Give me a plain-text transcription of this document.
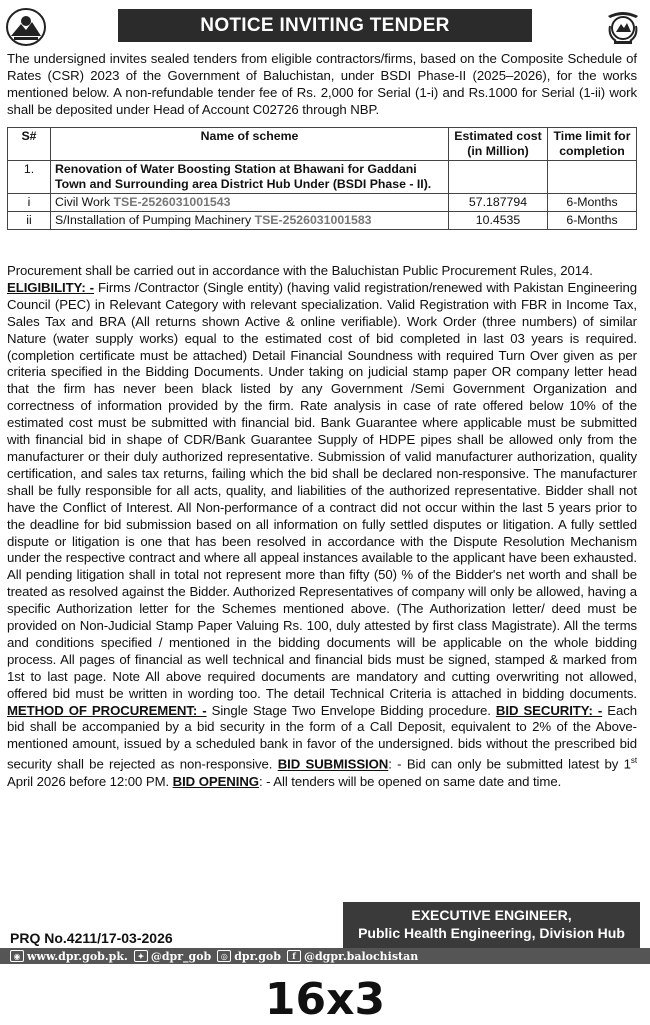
NOTICE INVITING TENDER
The undersigned invites sealed tenders from eligible contractors/firms, based on the Composite Schedule of Rates (CSR) 2023 of the Government of Baluchistan, under BSDI Phase-II (2025–2026), for the works mentioned below. A non-refundable tender fee of Rs. 2,000 for Serial (1-i) and Rs.1000 for Serial (1-ii) work shall be deposited under Head of Account C02726 through NBP.
S#	Name of scheme	Estimated cost (in Million)	Time limit for completion
1.	Renovation of Water Boosting Station at Bhawani for Gaddani Town and Surrounding area District Hub Under (BSDI Phase - II).		
i	Civil Work TSE-2526031001543	57.187794	6-Months
ii	S/Installation of Pumping Machinery TSE-2526031001583	10.4535	6-Months
Procurement shall be carried out in accordance with the Baluchistan Public Procurement Rules, 2014.
ELIGIBILITY: - Firms /Contractor (Single entity) (having valid registration/renewed with Pakistan Engineering Council (PEC) in Relevant Category with relevant specialization. Valid Registration with FBR in Income Tax, Sales Tax and BRA (All returns shown Active & online verifiable). Work Order (three numbers) of similar Nature (water supply works) equal to the estimated cost of bid completed in last 03 years is required. (completion certificate must be attached) Detail Financial Soundness with required Turn Over given as per criteria specified in the Bidding Documents. Under taking on judicial stamp paper OR company letter head that the firm has never been black listed by any Government /Semi Government Organization and correctness of information provided by the firm. Rate analysis in case of rate offered below 10% of the estimated cost must be submitted with financial bid. Bank Guarantee where applicable must be submitted with financial bid in shape of CDR/Bank Guarantee Supply of HDPE pipes shall be allowed only from the manufacturer or their duly authorized representative. Submission of valid manufacturer authorization, quality certification, and sales tax returns, failing which the bid shall be declared non-responsive. The manufacturer shall be fully responsible for all acts, quality, and liabilities of the authorized representative. Bidder shall not have the Conflict of Interest. All Non-performance of a contract did not occur within the last 5 years prior to the deadline for bid submission based on all information on fully settled disputes or litigation. A fully settled dispute or litigation is one that has been resolved in accordance with the Dispute Resolution Mechanism under the respective contract and where all appeal instances available to the applicant have been exhausted. All pending litigation shall in total not represent more than fifty (50) % of the Bidder's net worth and shall be treated as resolved against the Bidder. Authorized Representatives of company will only be allowed, having a specific Authorization letter for the Schemes mentioned above. (The Authorization letter/ deed must be provided on Non-Judicial Stamp Paper Valuing Rs. 100, duly attested by first class Magistrate). All the terms and conditions specified / mentioned in the bidding documents will be applicable on the whole bidding process. All pages of financial as well technical and financial bids must be signed, stamped & marked from 1st to last page. Note All above required documents are mandatory and cutting overwriting not allowed, offered bid must be written in wording too. The detail Technical Criteria is attached in bidding documents. METHOD OF PROCUREMENT: - Single Stage Two Envelope Bidding procedure. BID SECURITY: - Each bid shall be accompanied by a bid security in the form of a Call Deposit, equivalent to 2% of the Above-mentioned amount, issued by a scheduled bank in favor of the undersigned. bids without the prescribed bid security shall be rejected as non-responsive. BID SUBMISSION: - Bid can only be submitted latest by 1st April 2026 before 12:00 PM. BID OPENING: - All tenders will be opened on same date and time.
EXECUTIVE ENGINEER,
Public Health Engineering, Division Hub
PRQ No.4211/17-03-2026
◉ www.dpr.gob.pk.	✦ @dpr_gob	◎ dpr.gob	f @dgpr.balochistan
16x3
